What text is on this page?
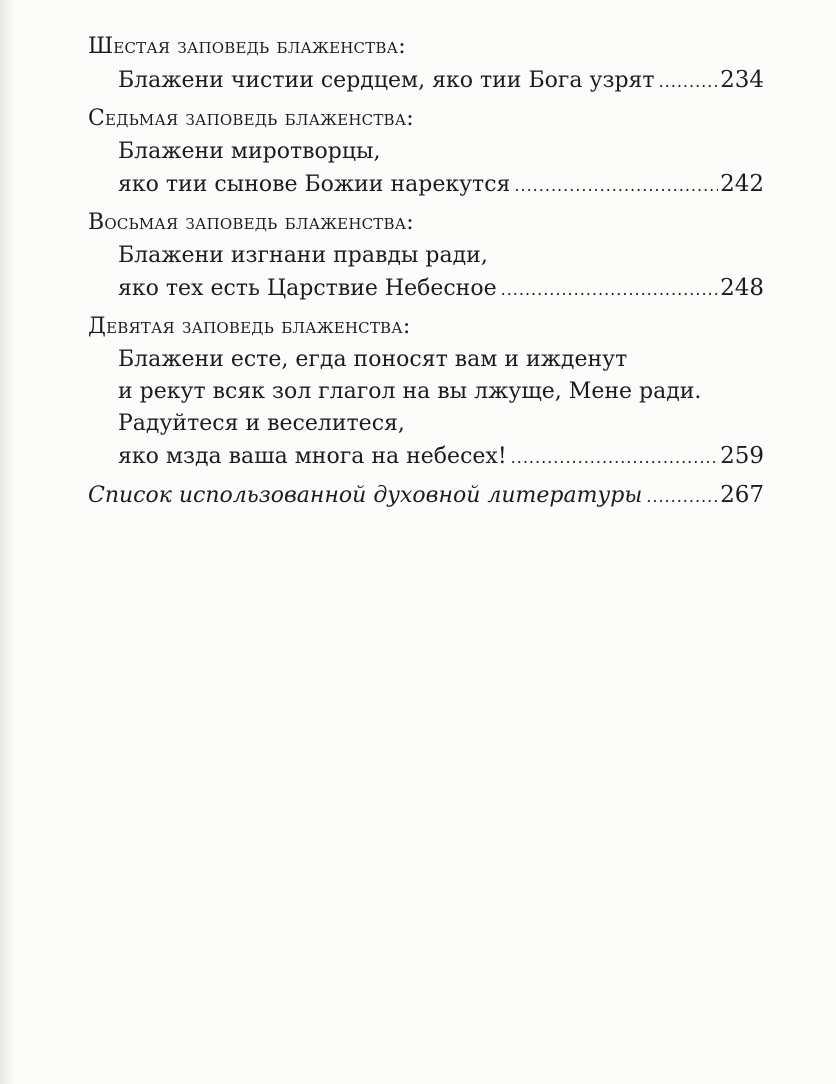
Шестая заповедь блаженства:
Блажени чистии сердцем, яко тии Бога узрят .....	234
Седьмая заповедь блаженства:
Блажени миротворцы,
яко тии сынове Божии нарекутся .....	242
Восьмая заповедь блаженства:
Блажени изгнани правды ради,
яко тех есть Царствие Небесное .....	248
Девятая заповедь блаженства:
Блажени есте, егда поносят вам и ижденут
и рекут всяк зол глагол на вы лжуще, Мене ради.
Радуйтеся и веселитеся,
яко мзда ваша многа на небесех! .....	259
Список использованной духовной литературы .....	267
